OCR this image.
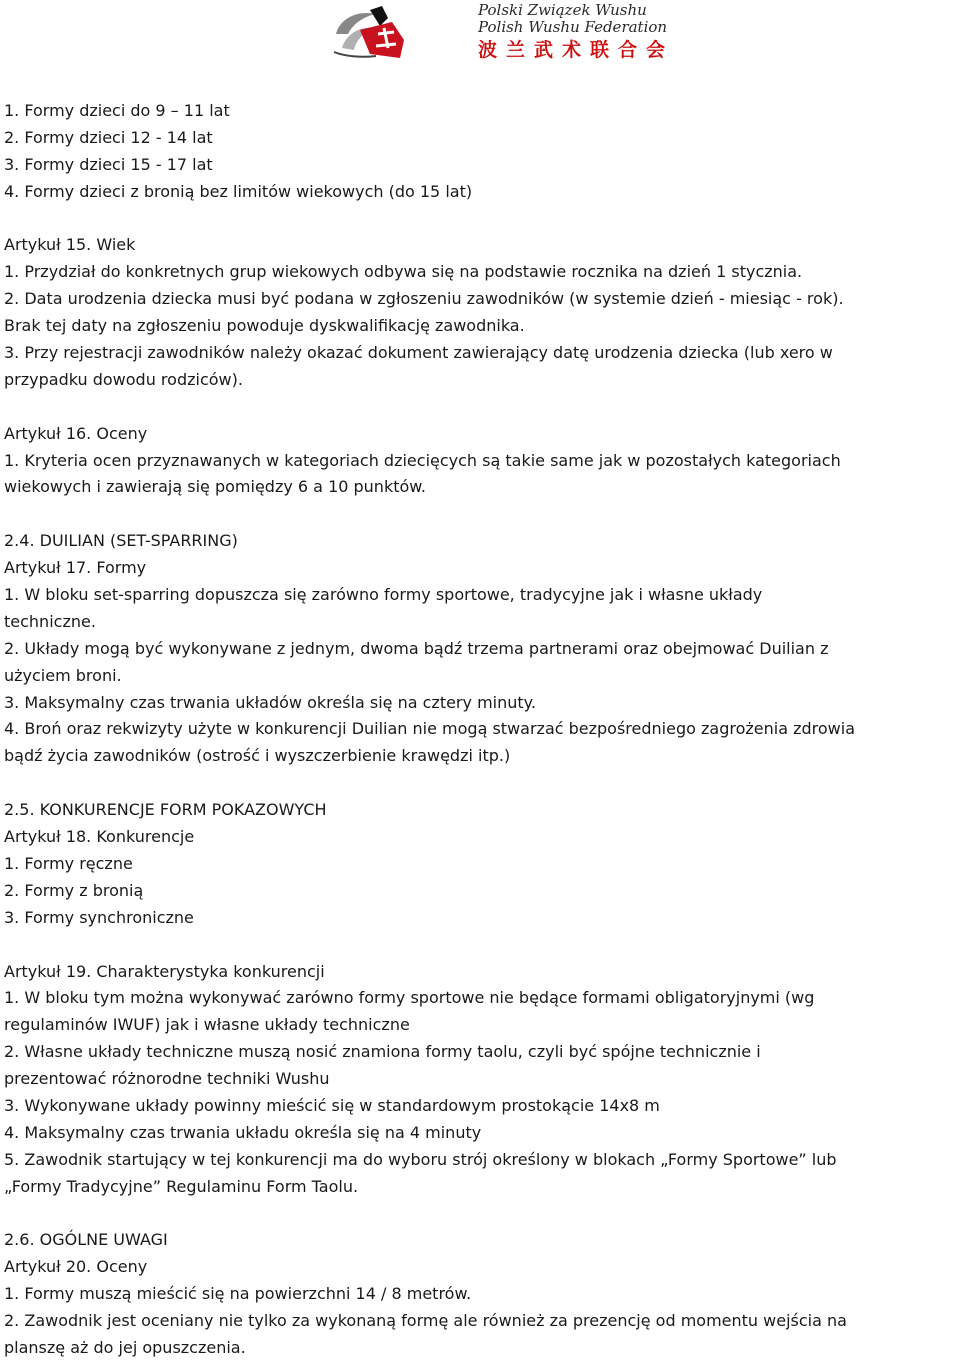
Polski Związek Wushu
Polish Wushu Federation
波兰武术联合会
1. Formy dzieci do 9 – 11 lat
2. Formy dzieci 12 - 14 lat
3. Formy dzieci 15 - 17 lat
4. Formy dzieci z bronią bez limitów wiekowych (do 15 lat)
Artykuł 15. Wiek
1. Przydział do konkretnych grup wiekowych odbywa się na podstawie rocznika na dzień 1 stycznia.
2. Data urodzenia dziecka musi być podana w zgłoszeniu zawodników (w systemie dzień - miesiąc - rok).
Brak tej daty na zgłoszeniu powoduje dyskwalifikację zawodnika.
3. Przy rejestracji zawodników należy okazać dokument zawierający datę urodzenia dziecka (lub xero w
przypadku dowodu rodziców).
Artykuł 16. Oceny
1. Kryteria ocen przyznawanych w kategoriach dziecięcych są takie same jak w pozostałych kategoriach
wiekowych i zawierają się pomiędzy 6 a 10 punktów.
2.4. DUILIAN (SET-SPARRING)
Artykuł 17. Formy
1. W bloku set-sparring dopuszcza się zarówno formy sportowe, tradycyjne jak i własne układy
techniczne.
2. Układy mogą być wykonywane z jednym, dwoma bądź trzema partnerami oraz obejmować Duilian z
użyciem broni.
3. Maksymalny czas trwania układów określa się na cztery minuty.
4. Broń oraz rekwizyty użyte w konkurencji Duilian nie mogą stwarzać bezpośredniego zagrożenia zdrowia
bądź życia zawodników (ostrość i wyszczerbienie krawędzi itp.)
2.5. KONKURENCJE FORM POKAZOWYCH
Artykuł 18. Konkurencje
1. Formy ręczne
2. Formy z bronią
3. Formy synchroniczne
Artykuł 19. Charakterystyka konkurencji
1. W bloku tym można wykonywać zarówno formy sportowe nie będące formami obligatoryjnymi (wg
regulaminów IWUF) jak i własne układy techniczne
2. Własne układy techniczne muszą nosić znamiona formy taolu, czyli być spójne technicznie i
prezentować różnorodne techniki Wushu
3. Wykonywane układy powinny mieścić się w standardowym prostokącie 14x8 m
4. Maksymalny czas trwania układu określa się na 4 minuty
5. Zawodnik startujący w tej konkurencji ma do wyboru strój określony w blokach „Formy Sportowe” lub
„Formy Tradycyjne” Regulaminu Form Taolu.
2.6. OGÓLNE UWAGI
Artykuł 20. Oceny
1. Formy muszą mieścić się na powierzchni 14 / 8 metrów.
2. Zawodnik jest oceniany nie tylko za wykonaną formę ale również za prezencję od momentu wejścia na
planszę aż do jej opuszczenia.
